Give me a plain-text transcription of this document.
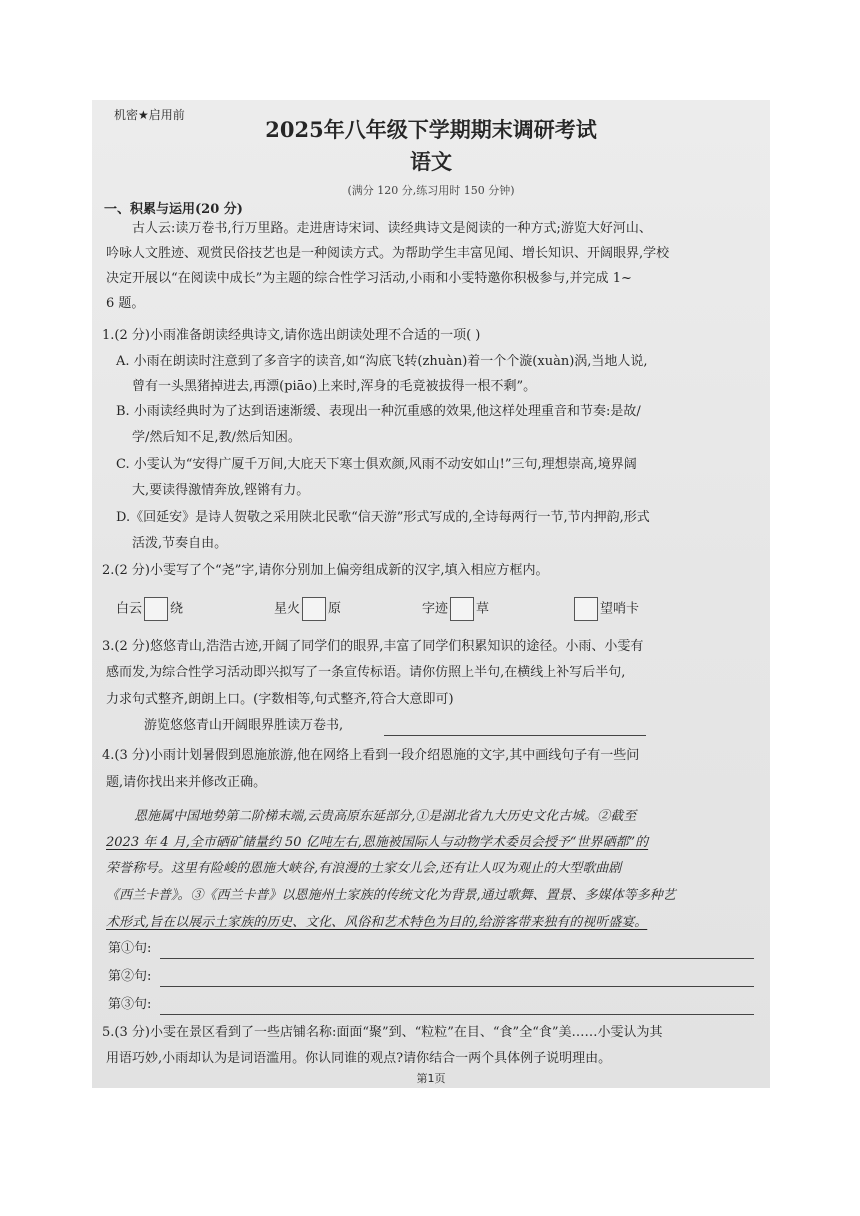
机密★启用前
2025年八年级下学期期末调研考试
语文
(满分 120 分,练习用时 150 分钟)
一、积累与运用(20 分)
古人云:读万卷书,行万里路。走进唐诗宋词、读经典诗文是阅读的一种方式;游览大好河山、
吟咏人文胜迹、观赏民俗技艺也是一种阅读方式。为帮助学生丰富见闻、增长知识、开阔眼界,学校
决定开展以“在阅读中成长”为主题的综合性学习活动,小雨和小雯特邀你积极参与,并完成 1~
6 题。
1.(2 分)小雨准备朗读经典诗文,请你选出朗读处理不合适的一项( )
A. 小雨在朗读时注意到了多音字的读音,如“沟底飞转(zhuàn)着一个个漩(xuàn)涡,当地人说,
曾有一头黑猪掉进去,再漂(piāo)上来时,浑身的毛竟被拔得一根不剩”。
B. 小雨读经典时为了达到语速渐缓、表现出一种沉重感的效果,他这样处理重音和节奏:是故/
学/然后知不足,教/然后知困。
C. 小雯认为“安得广厦千万间,大庇天下寒士俱欢颜,风雨不动安如山!”三句,理想崇高,境界阔
大,要读得激情奔放,铿锵有力。
D.《回延安》是诗人贺敬之采用陕北民歌“信天游”形式写成的,全诗每两行一节,节内押韵,形式
活泼,节奏自由。
2.(2 分)小雯写了个“尧”字,请你分别加上偏旁组成新的汉字,填入相应方框内。
白云 绕	星火 原	字迹 草	望哨卡
3.(2 分)悠悠青山,浩浩古迹,开阔了同学们的眼界,丰富了同学们积累知识的途径。小雨、小雯有
感而发,为综合性学习活动即兴拟写了一条宣传标语。请你仿照上半句,在横线上补写后半句,
力求句式整齐,朗朗上口。(字数相等,句式整齐,符合大意即可)
游览悠悠青山开阔眼界胜读万卷书,
4.(3 分)小雨计划暑假到恩施旅游,他在网络上看到一段介绍恩施的文字,其中画线句子有一些问
题,请你找出来并修改正确。
恩施属中国地势第二阶梯末端,云贵高原东延部分,①是湖北省九大历史文化古城。②截至
2023 年 4 月,全市硒矿储量约 50 亿吨左右,恩施被国际人与动物学术委员会授予“世界硒都”的
荣誉称号。这里有险峻的恩施大峡谷,有浪漫的土家女儿会,还有让人叹为观止的大型歌曲剧
《西兰卡普》。③《西兰卡普》以恩施州土家族的传统文化为背景,通过歌舞、置景、多媒体等多种艺
术形式,旨在以展示土家族的历史、文化、风俗和艺术特色为目的,给游客带来独有的视听盛宴。
第①句:
第②句:
第③句:
5.(3 分)小雯在景区看到了一些店铺名称:面面“聚”到、“粒粒”在目、“食”全“食”美……小雯认为其
用语巧妙,小雨却认为是词语滥用。你认同谁的观点?请你结合一两个具体例子说明理由。
第1页
